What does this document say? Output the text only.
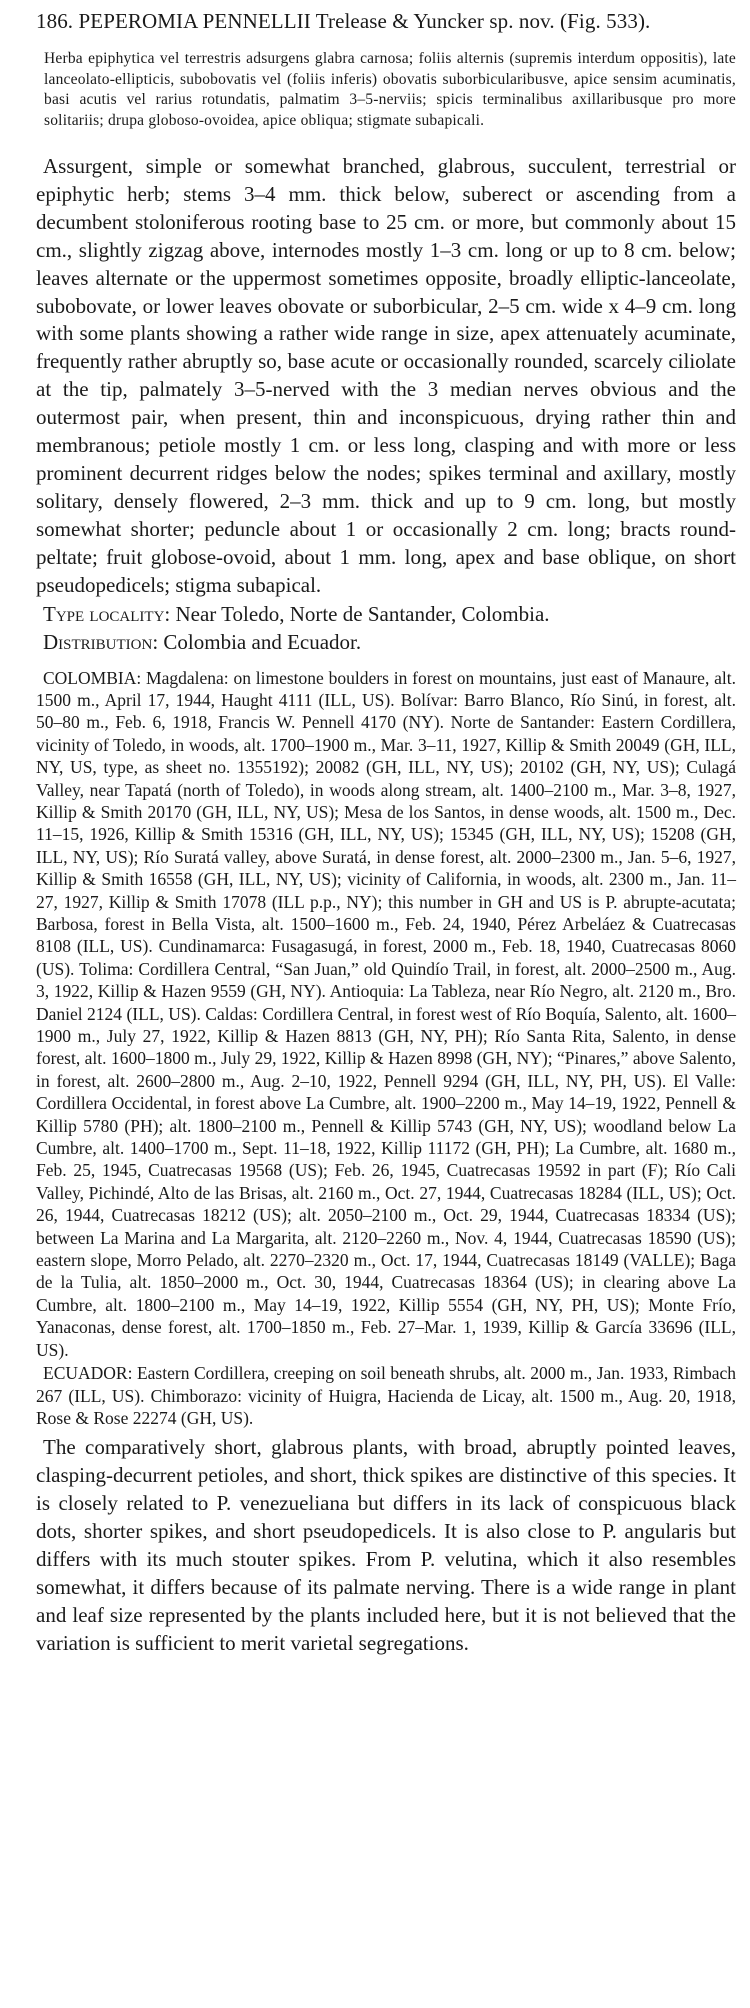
186. PEPEROMIA PENNELLII Trelease & Yuncker sp. nov. (Fig. 533).

Herba epiphytica vel terrestris adsurgens glabra carnosa; foliis alternis (supremis interdum oppositis), late lanceolato-ellipticis, subobovatis vel (foliis inferis) obovatis suborbicularibusve, apice sensim acuminatis, basi acutis vel rarius rotundatis, palmatim 3–5-nerviis; spicis terminalibus axillaribusque pro more solitariis; drupa globoso-ovoidea, apice obliqua; stigmate subapicali.

Assurgent, simple or somewhat branched, glabrous, succulent, terrestrial or epiphytic herb; stems 3–4 mm. thick below, suberect or ascending from a decumbent stoloniferous rooting base to 25 cm. or more, but commonly about 15 cm., slightly zigzag above, internodes mostly 1–3 cm. long or up to 8 cm. below; leaves alternate or the uppermost sometimes opposite, broadly elliptic-lanceolate, subobovate, or lower leaves obovate or suborbicular, 2–5 cm. wide x 4–9 cm. long with some plants showing a rather wide range in size, apex attenuately acuminate, frequently rather abruptly so, base acute or occasionally rounded, scarcely ciliolate at the tip, palmately 3–5-nerved with the 3 median nerves obvious and the outermost pair, when present, thin and inconspicuous, drying rather thin and membranous; petiole mostly 1 cm. or less long, clasping and with more or less prominent decurrent ridges below the nodes; spikes terminal and axillary, mostly solitary, densely flowered, 2–3 mm. thick and up to 9 cm. long, but mostly somewhat shorter; peduncle about 1 or occasionally 2 cm. long; bracts round-peltate; fruit globose-ovoid, about 1 mm. long, apex and base oblique, on short pseudopedicels; stigma subapical.

Type locality: Near Toledo, Norte de Santander, Colombia.

Distribution: Colombia and Ecuador.

COLOMBIA: Magdalena: on limestone boulders in forest on mountains, just east of Manaure, alt. 1500 m., April 17, 1944, Haught 4111 (ILL, US). Bolívar: Barro Blanco, Río Sinú, in forest, alt. 50–80 m., Feb. 6, 1918, Francis W. Pennell 4170 (NY). Norte de Santander: Eastern Cordillera, vicinity of Toledo, in woods, alt. 1700–1900 m., Mar. 3–11, 1927, Killip & Smith 20049 (GH, ILL, NY, US, type, as sheet no. 1355192); 20082 (GH, ILL, NY, US); 20102 (GH, NY, US); Culagá Valley, near Tapatá (north of Toledo), in woods along stream, alt. 1400–2100 m., Mar. 3–8, 1927, Killip & Smith 20170 (GH, ILL, NY, US); Mesa de los Santos, in dense woods, alt. 1500 m., Dec. 11–15, 1926, Killip & Smith 15316 (GH, ILL, NY, US); 15345 (GH, ILL, NY, US); 15208 (GH, ILL, NY, US); Río Suratá valley, above Suratá, in dense forest, alt. 2000–2300 m., Jan. 5–6, 1927, Killip & Smith 16558 (GH, ILL, NY, US); vicinity of California, in woods, alt. 2300 m., Jan. 11–27, 1927, Killip & Smith 17078 (ILL p.p., NY); this number in GH and US is P. abrupte-acutata; Barbosa, forest in Bella Vista, alt. 1500–1600 m., Feb. 24, 1940, Pérez Arbeláez & Cuatrecasas 8108 (ILL, US). Cundinamarca: Fusagasugá, in forest, 2000 m., Feb. 18, 1940, Cuatrecasas 8060 (US). Tolima: Cordillera Central, “San Juan,” old Quindío Trail, in forest, alt. 2000–2500 m., Aug. 3, 1922, Killip & Hazen 9559 (GH, NY). Antioquia: La Tableza, near Río Negro, alt. 2120 m., Bro. Daniel 2124 (ILL, US). Caldas: Cordillera Central, in forest west of Río Boquía, Salento, alt. 1600–1900 m., July 27, 1922, Killip & Hazen 8813 (GH, NY, PH); Río Santa Rita, Salento, in dense forest, alt. 1600–1800 m., July 29, 1922, Killip & Hazen 8998 (GH, NY); “Pinares,” above Salento, in forest, alt. 2600–2800 m., Aug. 2–10, 1922, Pennell 9294 (GH, ILL, NY, PH, US). El Valle: Cordillera Occidental, in forest above La Cumbre, alt. 1900–2200 m., May 14–19, 1922, Pennell & Killip 5780 (PH); alt. 1800–2100 m., Pennell & Killip 5743 (GH, NY, US); woodland below La Cumbre, alt. 1400–1700 m., Sept. 11–18, 1922, Killip 11172 (GH, PH); La Cumbre, alt. 1680 m., Feb. 25, 1945, Cuatrecasas 19568 (US); Feb. 26, 1945, Cuatrecasas 19592 in part (F); Río Cali Valley, Pichindé, Alto de las Brisas, alt. 2160 m., Oct. 27, 1944, Cuatrecasas 18284 (ILL, US); Oct. 26, 1944, Cuatrecasas 18212 (US); alt. 2050–2100 m., Oct. 29, 1944, Cuatrecasas 18334 (US); between La Marina and La Margarita, alt. 2120–2260 m., Nov. 4, 1944, Cuatrecasas 18590 (US); eastern slope, Morro Pelado, alt. 2270–2320 m., Oct. 17, 1944, Cuatrecasas 18149 (VALLE); Baga de la Tulia, alt. 1850–2000 m., Oct. 30, 1944, Cuatrecasas 18364 (US); in clearing above La Cumbre, alt. 1800–2100 m., May 14–19, 1922, Killip 5554 (GH, NY, PH, US); Monte Frío, Yanaconas, dense forest, alt. 1700–1850 m., Feb. 27–Mar. 1, 1939, Killip & García 33696 (ILL, US).

ECUADOR: Eastern Cordillera, creeping on soil beneath shrubs, alt. 2000 m., Jan. 1933, Rimbach 267 (ILL, US). Chimborazo: vicinity of Huigra, Hacienda de Licay, alt. 1500 m., Aug. 20, 1918, Rose & Rose 22274 (GH, US).

The comparatively short, glabrous plants, with broad, abruptly pointed leaves, clasping-decurrent petioles, and short, thick spikes are distinctive of this species. It is closely related to P. venezueliana but differs in its lack of conspicuous black dots, shorter spikes, and short pseudopedicels. It is also close to P. angularis but differs with its much stouter spikes. From P. velutina, which it also resembles somewhat, it differs because of its palmate nerving. There is a wide range in plant and leaf size represented by the plants included here, but it is not believed that the variation is sufficient to merit varietal segregations.
